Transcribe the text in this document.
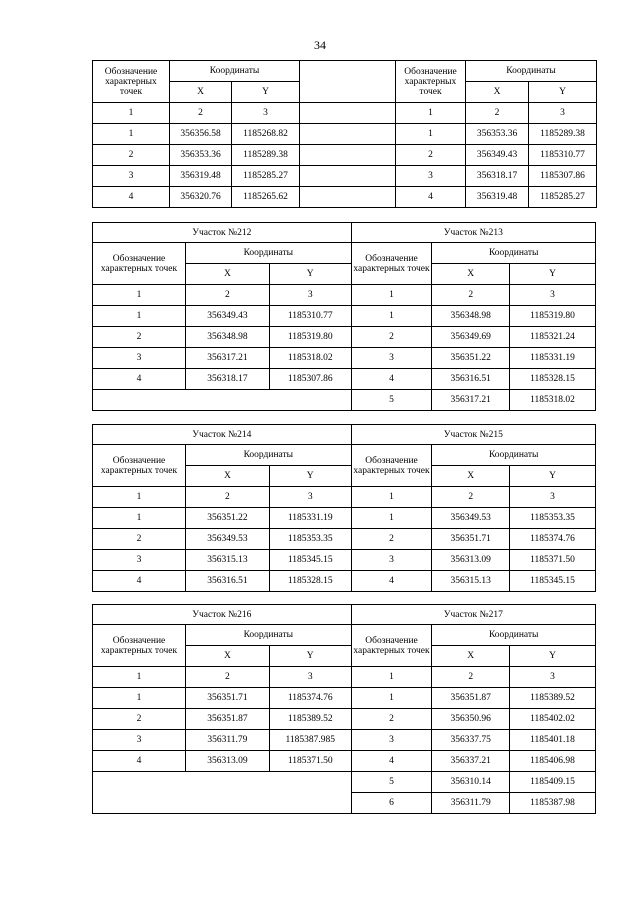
34
Обозначение характерных точек	Координаты			Обозначение характерных точек	Координаты	
	X	Y			X	Y
1	2	3		1	2	3
1	356356.58	1185268.82		1	356353.36	1185289.38
2	356353.36	1185289.38		2	356349.43	1185310.77
3	356319.48	1185285.27		3	356318.17	1185307.86
4	356320.76	1185265.62		4	356319.48	1185285.27
Участок №212			Участок №213		
Обозначение характерных точек	Координаты		Обозначение характерных точек	Координаты	
	X	Y		X	Y
1	2	3	1	2	3
1	356349.43	1185310.77	1	356348.98	1185319.80
2	356348.98	1185319.80	2	356349.69	1185321.24
3	356317.21	1185318.02	3	356351.22	1185331.19
4	356318.17	1185307.86	4	356316.51	1185328.15
			5	356317.21	1185318.02
Участок №214			Участок №215		
Обозначение характерных точек	Координаты		Обозначение характерных точек	Координаты	
	X	Y		X	Y
1	2	3	1	2	3
1	356351.22	1185331.19	1	356349.53	1185353.35
2	356349.53	1185353.35	2	356351.71	1185374.76
3	356315.13	1185345.15	3	356313.09	1185371.50
4	356316.51	1185328.15	4	356315.13	1185345.15
Участок №216			Участок №217		
Обозначение характерных точек	Координаты		Обозначение характерных точек	Координаты	
	X	Y		X	Y
1	2	3	1	2	3
1	356351.71	1185374.76	1	356351.87	1185389.52
2	356351.87	1185389.52	2	356350.96	1185402.02
3	356311.79	1185387.985	3	356337.75	1185401.18
4	356313.09	1185371.50	4	356337.21	1185406.98
			5	356310.14	1185409.15
			6	356311.79	1185387.98
